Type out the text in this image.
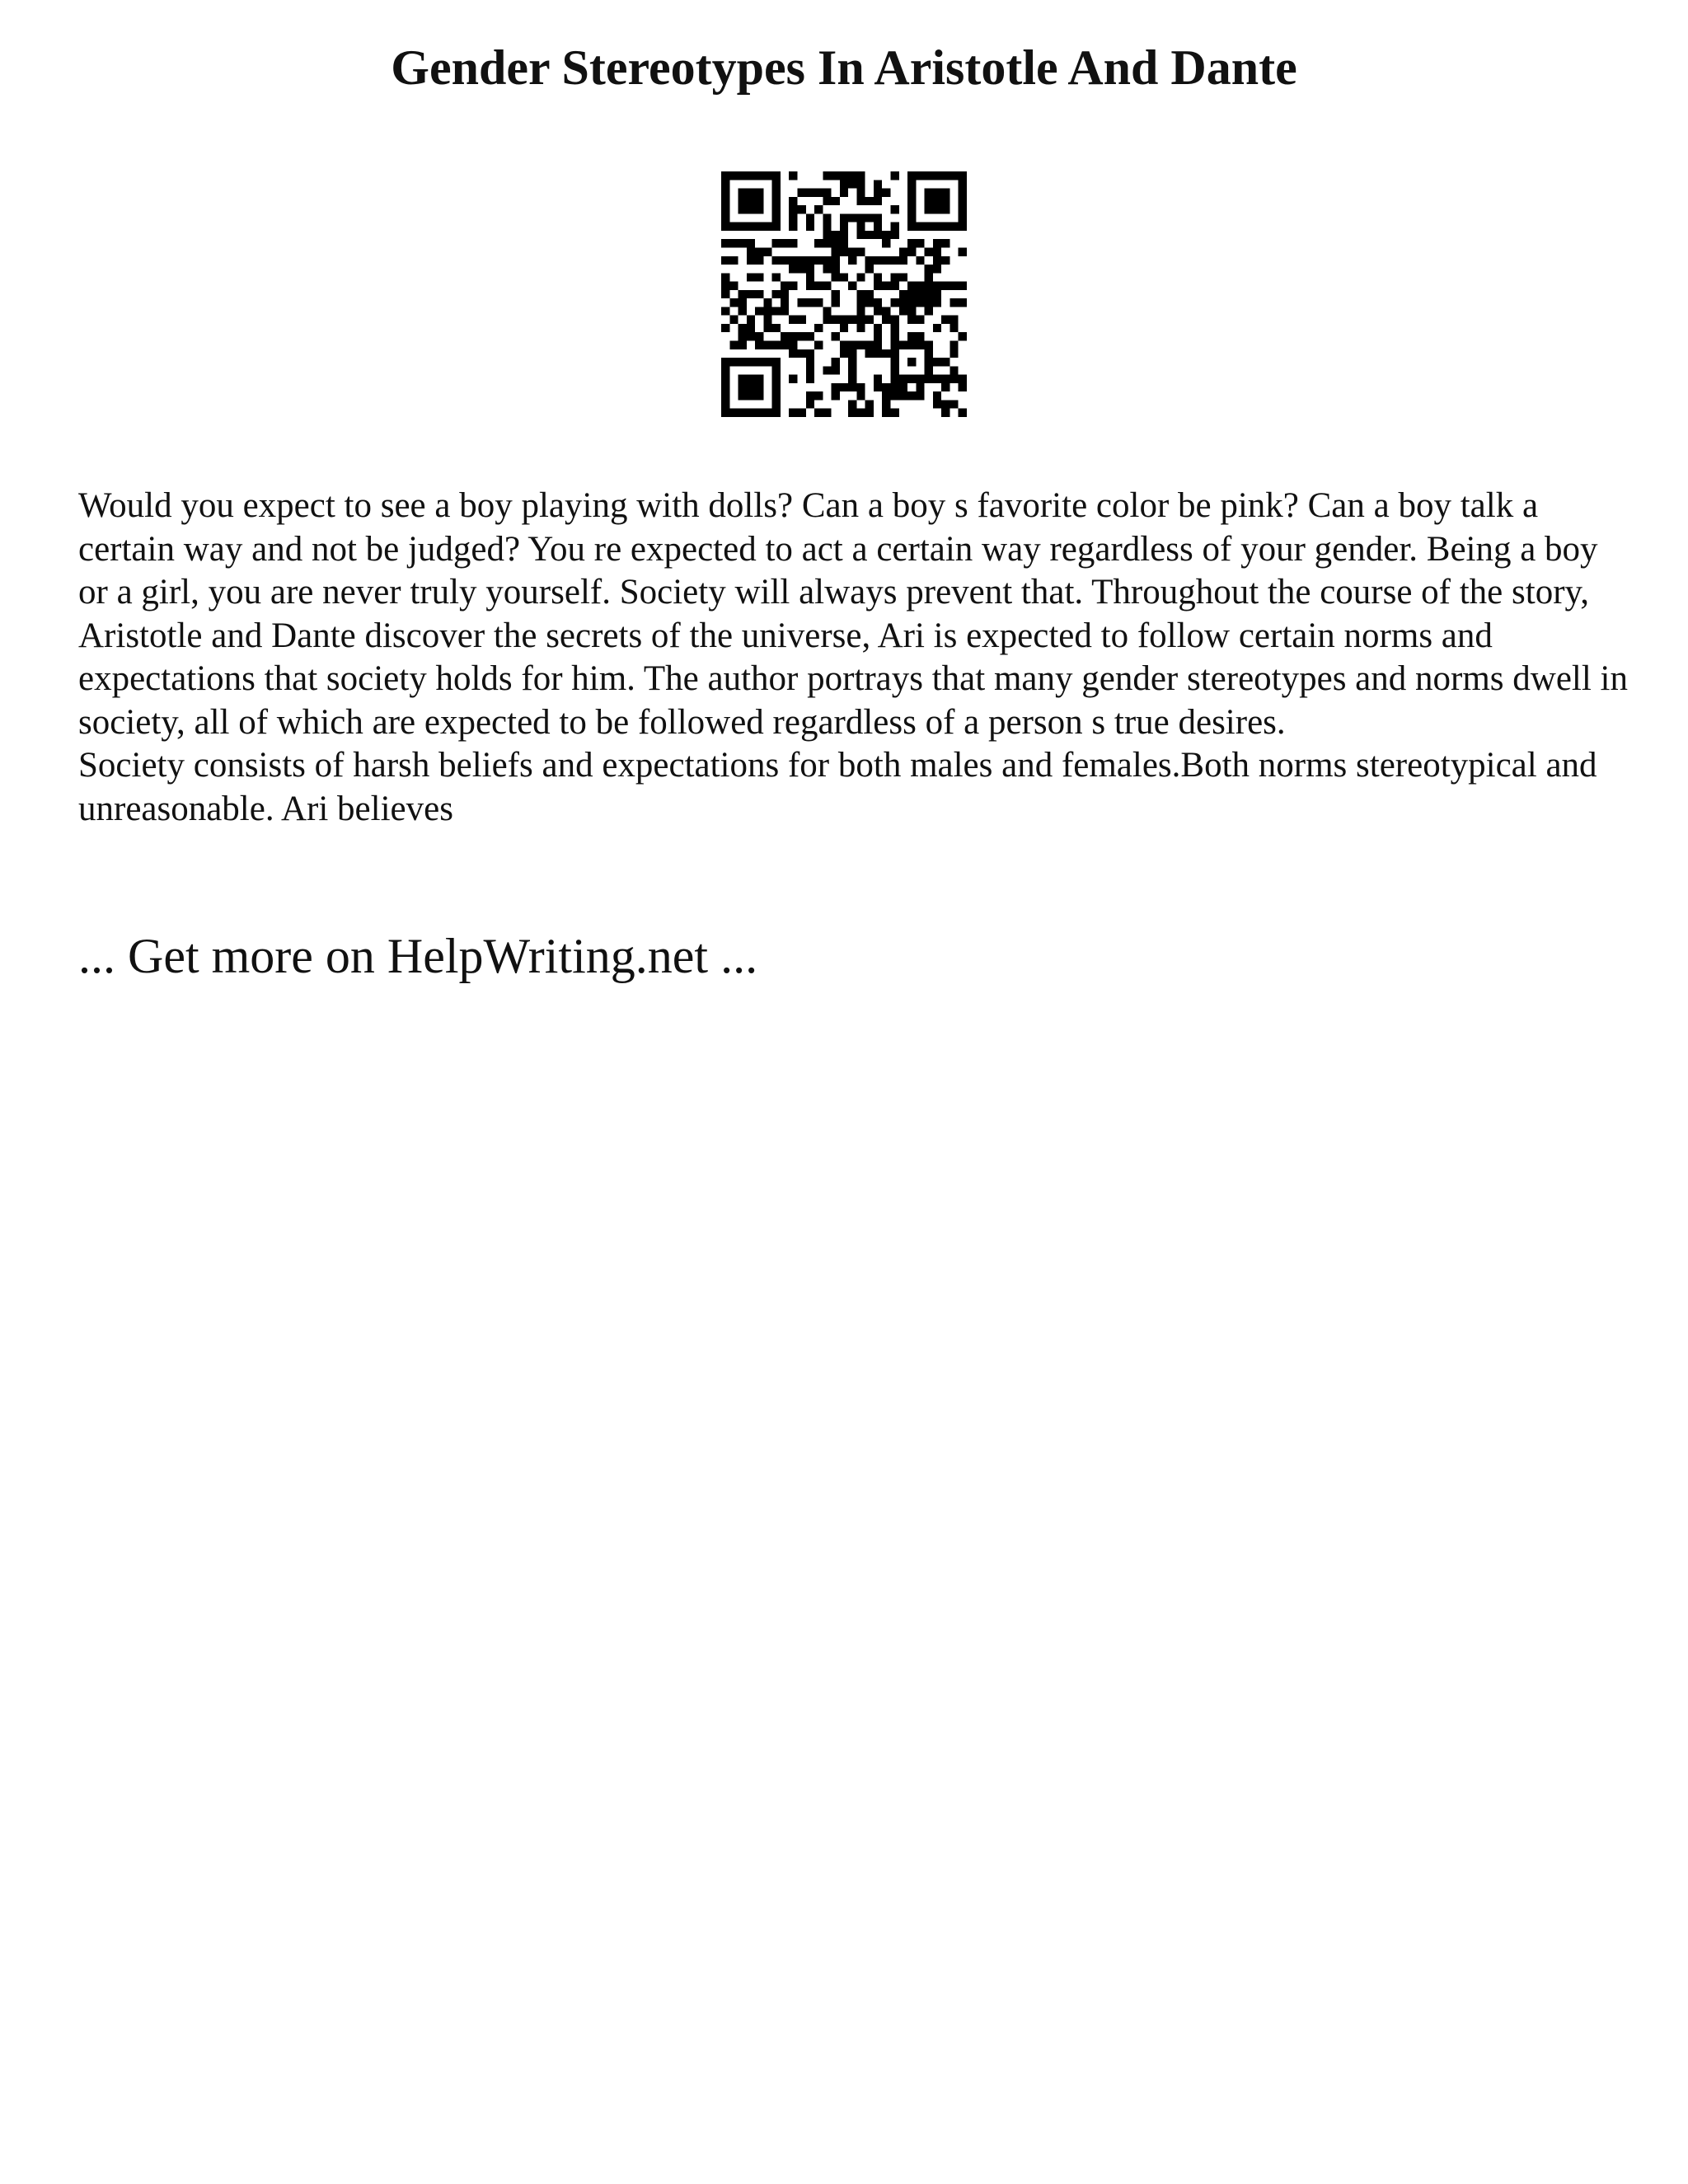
Gender Stereotypes In Aristotle And Dante

Would you expect to see a boy playing with dolls? Can a boy s favorite color be pink? Can a boy talk a certain way and not be judged? You re expected to act a certain way regardless of your gender. Being a boy or a girl, you are never truly yourself. Society will always prevent that. Throughout the course of the story, Aristotle and Dante discover the secrets of the universe, Ari is expected to follow certain norms and expectations that society holds for him. The author portrays that many gender stereotypes and norms dwell in society, all of which are expected to be followed regardless of a person s true desires.

Society consists of harsh beliefs and expectations for both males and females.Both norms stereotypical and unreasonable. Ari believes

... Get more on HelpWriting.net ...
